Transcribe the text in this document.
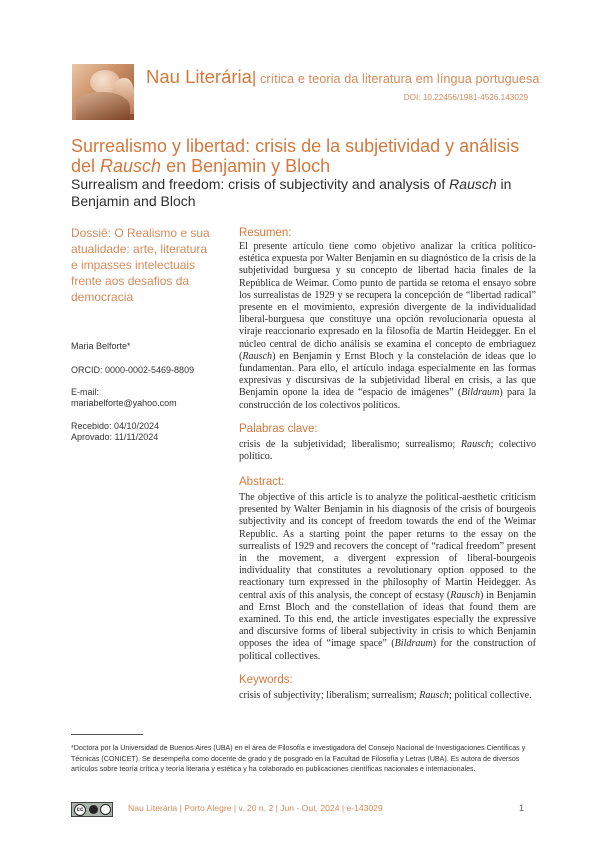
Nau Literária| crítica e teoria da literatura em língua portuguesa
DOI: 10.22456/1981-4526.143029
Surrealismo y libertad: crisis de la subjetividad y análisis del Rausch en Benjamin y Bloch
Surrealism and freedom: crisis of subjectivity and analysis of Rausch in Benjamin and Bloch
Dossiê: O Realismo e sua atualidade: arte, literatura e impasses intelectuais frente aos desafios da democracia
Maria Belforte*
ORCID: 0000-0002-5469-8809
E-mail:
mariabelforte@yahoo.com
Recebido: 04/10/2024
Aprovado: 11/11/2024
Resumen:
El presente artículo tiene como objetivo analizar la crítica político-estética expuesta por Walter Benjamin en su diagnóstico de la crisis de la subjetividad burguesa y su concepto de libertad hacia finales de la República de Weimar. Como punto de partida se retoma el ensayo sobre los surrealistas de 1929 y se recupera la concepción de “libertad radical” presente en el movimiento, expresión divergente de la individualidad liberal-burguesa que constituye una opción revolucionaria opuesta al viraje reaccionario expresado en la filosofía de Martin Heidegger. En el núcleo central de dicho análisis se examina el concepto de embriaguez (Rausch) en Benjamin y Ernst Bloch y la constelación de ideas que lo fundamentan. Para ello, el artículo indaga especialmente en las formas expresivas y discursivas de la subjetividad liberal en crisis, a las que Benjamin opone la idea de “espacio de imágenes” (Bildraum) para la construcción de los colectivos políticos.
Palabras clave:
crisis de la subjetividad; liberalismo; surrealismo; Rausch; colectivo político.
Abstract:
The objective of this article is to analyze the political-aesthetic criticism presented by Walter Benjamin in his diagnosis of the crisis of bourgeois subjectivity and its concept of freedom towards the end of the Weimar Republic. As a starting point the paper returns to the essay on the surrealists of 1929 and recovers the concept of “radical freedom” present in the movement, a divergent expression of liberal-bourgeois individuality that constitutes a revolutionary option opposed to the reactionary turn expressed in the philosophy of Martin Heidegger. As central axis of this analysis, the concept of ecstasy (Rausch) in Benjamin and Ernst Bloch and the constellation of ideas that found them are examined. To this end, the article investigates especially the expressive and discursive forms of liberal subjectivity in crisis to which Benjamin opposes the idea of “image space” (Bildraum) for the construction of political collectives.
Keywords:
crisis of subjectivity; liberalism; surrealism; Rausch; political collective.
*Doctora por la Universidad de Buenos Aires (UBA) en el área de Filosofía e investigadora del Consejo Nacional de Investigaciones Científicas y Técnicas (CONICET). Se desempeña como docente de grado y de posgrado en la Facultad de Filosofía y Letras (UBA). Es autora de diversos artículos sobre teoría crítica y teoría literaria y estética y ha colaborado en publicaciones científicas nacionales e internacionales.
cc	Nau Literária | Porto Alegre | v. 20 n. 2 | Jun - Out, 2024 | e-143029	1
